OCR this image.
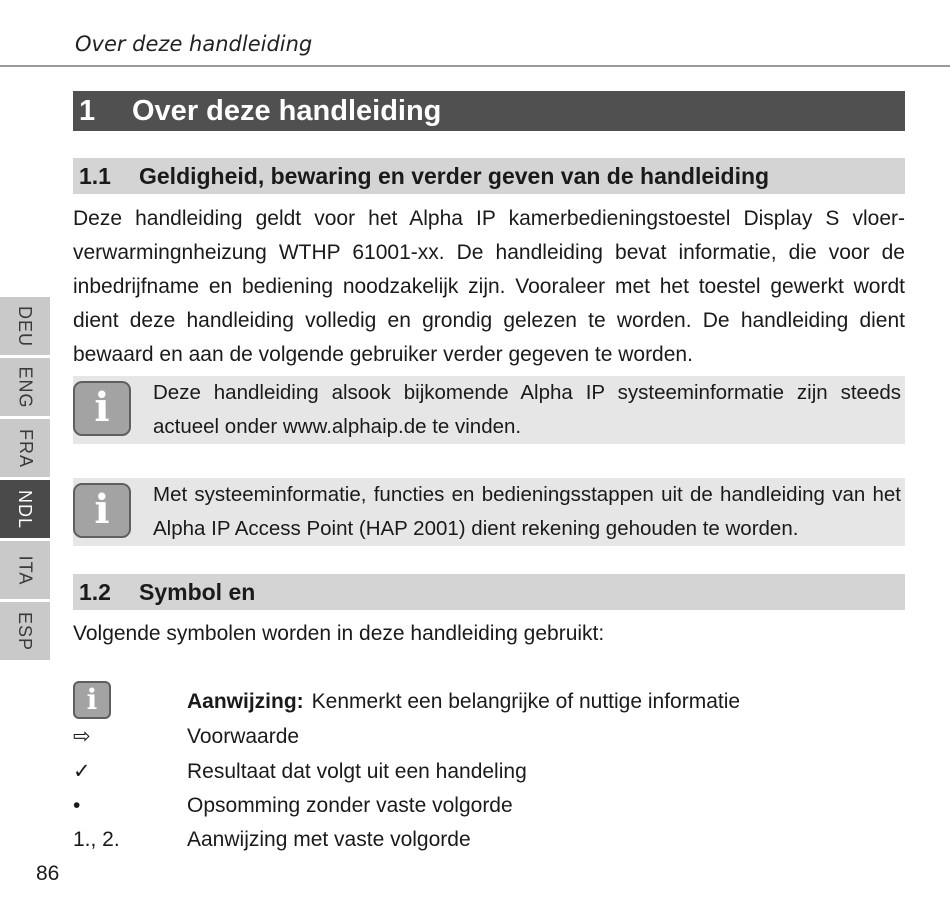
Over deze handleiding
1	Over deze handleiding
1.1	Geldigheid, bewaring en verder geven van de handleiding

Deze handleiding geldt voor het Alpha IP kamerbedieningstoestel Display S vloerverwarmingnheizung WTHP 61001-xx. De handleiding bevat informatie, die voor de inbedrijfname en bediening noodzakelijk zijn. Vooraleer met het toestel gewerkt wordt dient deze handleiding volledig en grondig gelezen te worden. De handleiding dient bewaard en aan de volgende gebruiker verder gegeven te worden.

i	Deze handleiding alsook bijkomende Alpha IP systeeminformatie zijn steeds actueel onder www.alphaip.de te vinden.

i	Met systeeminformatie, functies en bedieningsstappen uit de handleiding van het Alpha IP Access Point (HAP 2001) dient rekening gehouden te worden.

1.2	Symbol en

Volgende symbolen worden in deze handleiding gebruikt:

i	Aanwijzing: Kenmerkt een belangrijke of nuttige informatie
⇨	Voorwaarde
✓	Resultaat dat volgt uit een handeling
•	Opsomming zonder vaste volgorde
1., 2.	Aanwijzing met vaste volgorde
DEU
ENG
FRA
NDL
ITA
ESP
86
